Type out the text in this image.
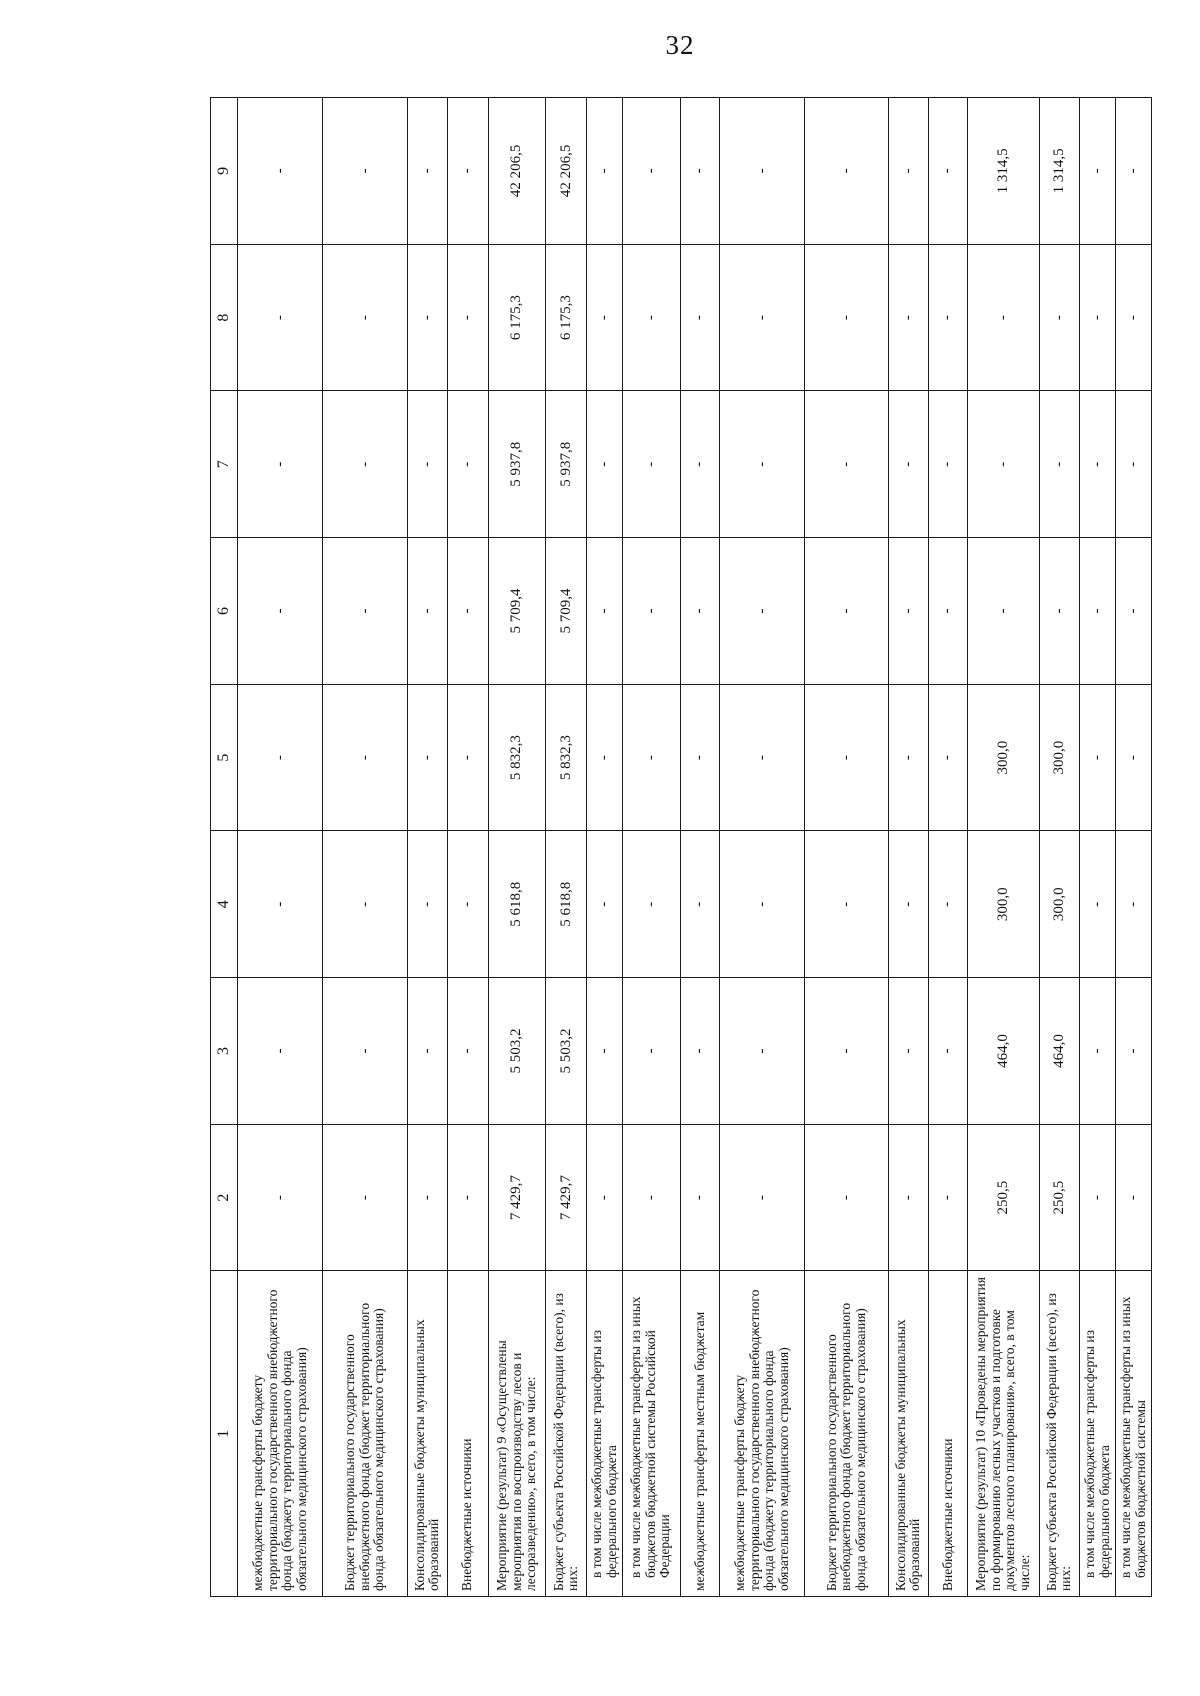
32
1	2	3	4	5	6	7	8	9
межбюджетные трансферты бюджету территориального государственного внебюджетного фонда (бюджету территориального фонда обязательного медицинского страхования)	-	-	-	-	-	-	-	-
Бюджет территориального государственного внебюджетного фонда (бюджет территориального фонда обязательного медицинского страхования)	-	-	-	-	-	-	-	-
Консолидированные бюджеты муниципальных образований	-	-	-	-	-	-	-	-
Внебюджетные источники	-	-	-	-	-	-	-	-
Мероприятие (результат) 9 «Осуществлены мероприятия по воспроизводству лесов и лесоразведению», всего, в том числе:	7 429,7	5 503,2	5 618,8	5 832,3	5 709,4	5 937,8	6 175,3	42 206,5
Бюджет субъекта Российской Федерации (всего), из них:	7 429,7	5 503,2	5 618,8	5 832,3	5 709,4	5 937,8	6 175,3	42 206,5
в том числе межбюджетные трансферты из федерального бюджета	-	-	-	-	-	-	-	-
в том числе межбюджетные трансферты из иных бюджетов бюджетной системы Российской Федерации	-	-	-	-	-	-	-	-
межбюджетные трансферты местным бюджетам	-	-	-	-	-	-	-	-
межбюджетные трансферты бюджету территориального государственного внебюджетного фонда (бюджету территориального фонда обязательного медицинского страхования)	-	-	-	-	-	-	-	-
Бюджет территориального государственного внебюджетного фонда (бюджет территориального фонда обязательного медицинского страхования)	-	-	-	-	-	-	-	-
Консолидированные бюджеты муниципальных образований	-	-	-	-	-	-	-	-
Внебюджетные источники	-	-	-	-	-	-	-	-
Мероприятие (результат) 10 «Проведены мероприятия по формированию лесных участков и подготовке документов лесного планирования», всего, в том числе:	250,5	464,0	300,0	300,0	-	-	-	1 314,5
Бюджет субъекта Российской Федерации (всего), из них:	250,5	464,0	300,0	300,0	-	-	-	1 314,5
в том числе межбюджетные трансферты из федерального бюджета	-	-	-	-	-	-	-	-
в том числе межбюджетные трансферты из иных бюджетов бюджетной системы	-	-	-	-	-	-	-	-
